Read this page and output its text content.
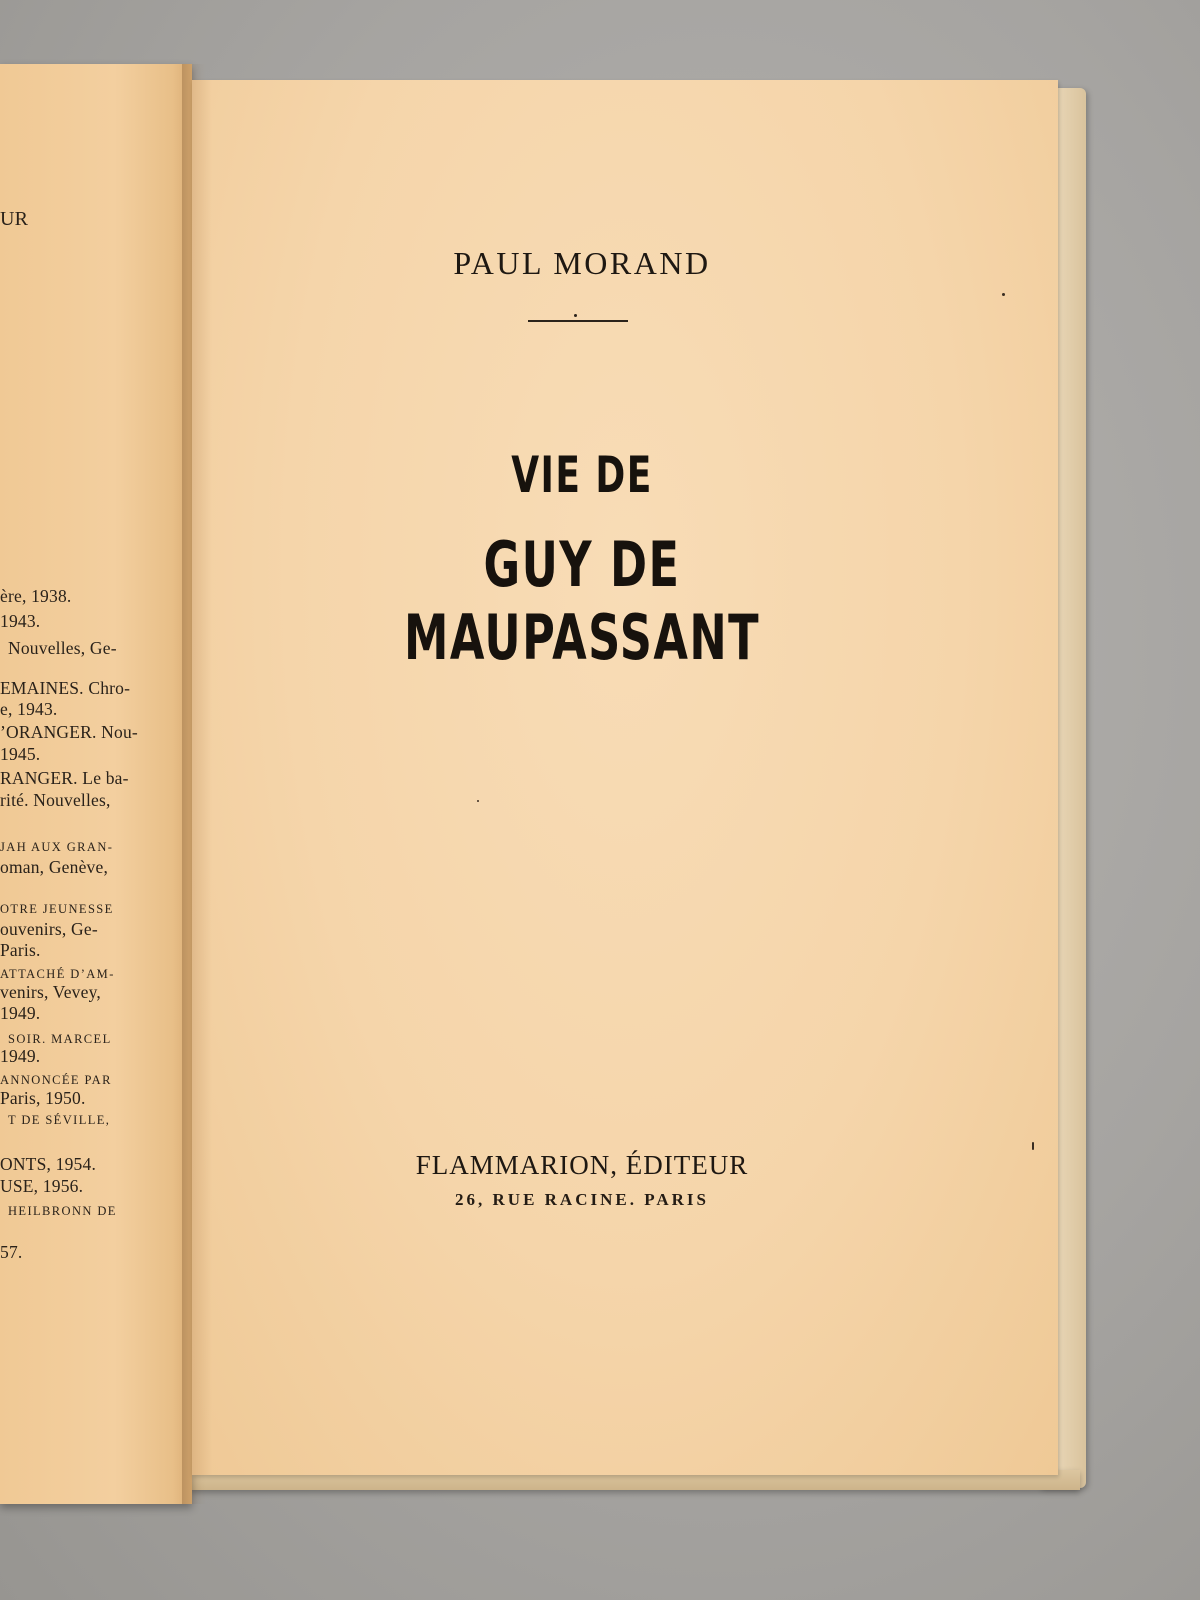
UR
ère, 1938.
1943.
Nouvelles, Ge-
EMAINES. Chro-
e, 1943.
’ORANGER. Nou-
1945.
RANGER. Le ba-
rité. Nouvelles,
JAH AUX GRAN-
oman, Genève,
OTRE JEUNESSE
ouvenirs, Ge-
Paris.
ATTACHÉ D’AM-
venirs, Vevey,
1949.
SOIR. MARCEL
1949.
ANNONCÉE PAR
Paris, 1950.
T DE SÉVILLE,
ONTS, 1954.
USE, 1956.
HEILBRONN DE
57.
PAUL MORAND
VIE DE
GUY DE MAUPASSANT
FLAMMARION, ÉDITEUR
26, RUE RACINE. PARIS
